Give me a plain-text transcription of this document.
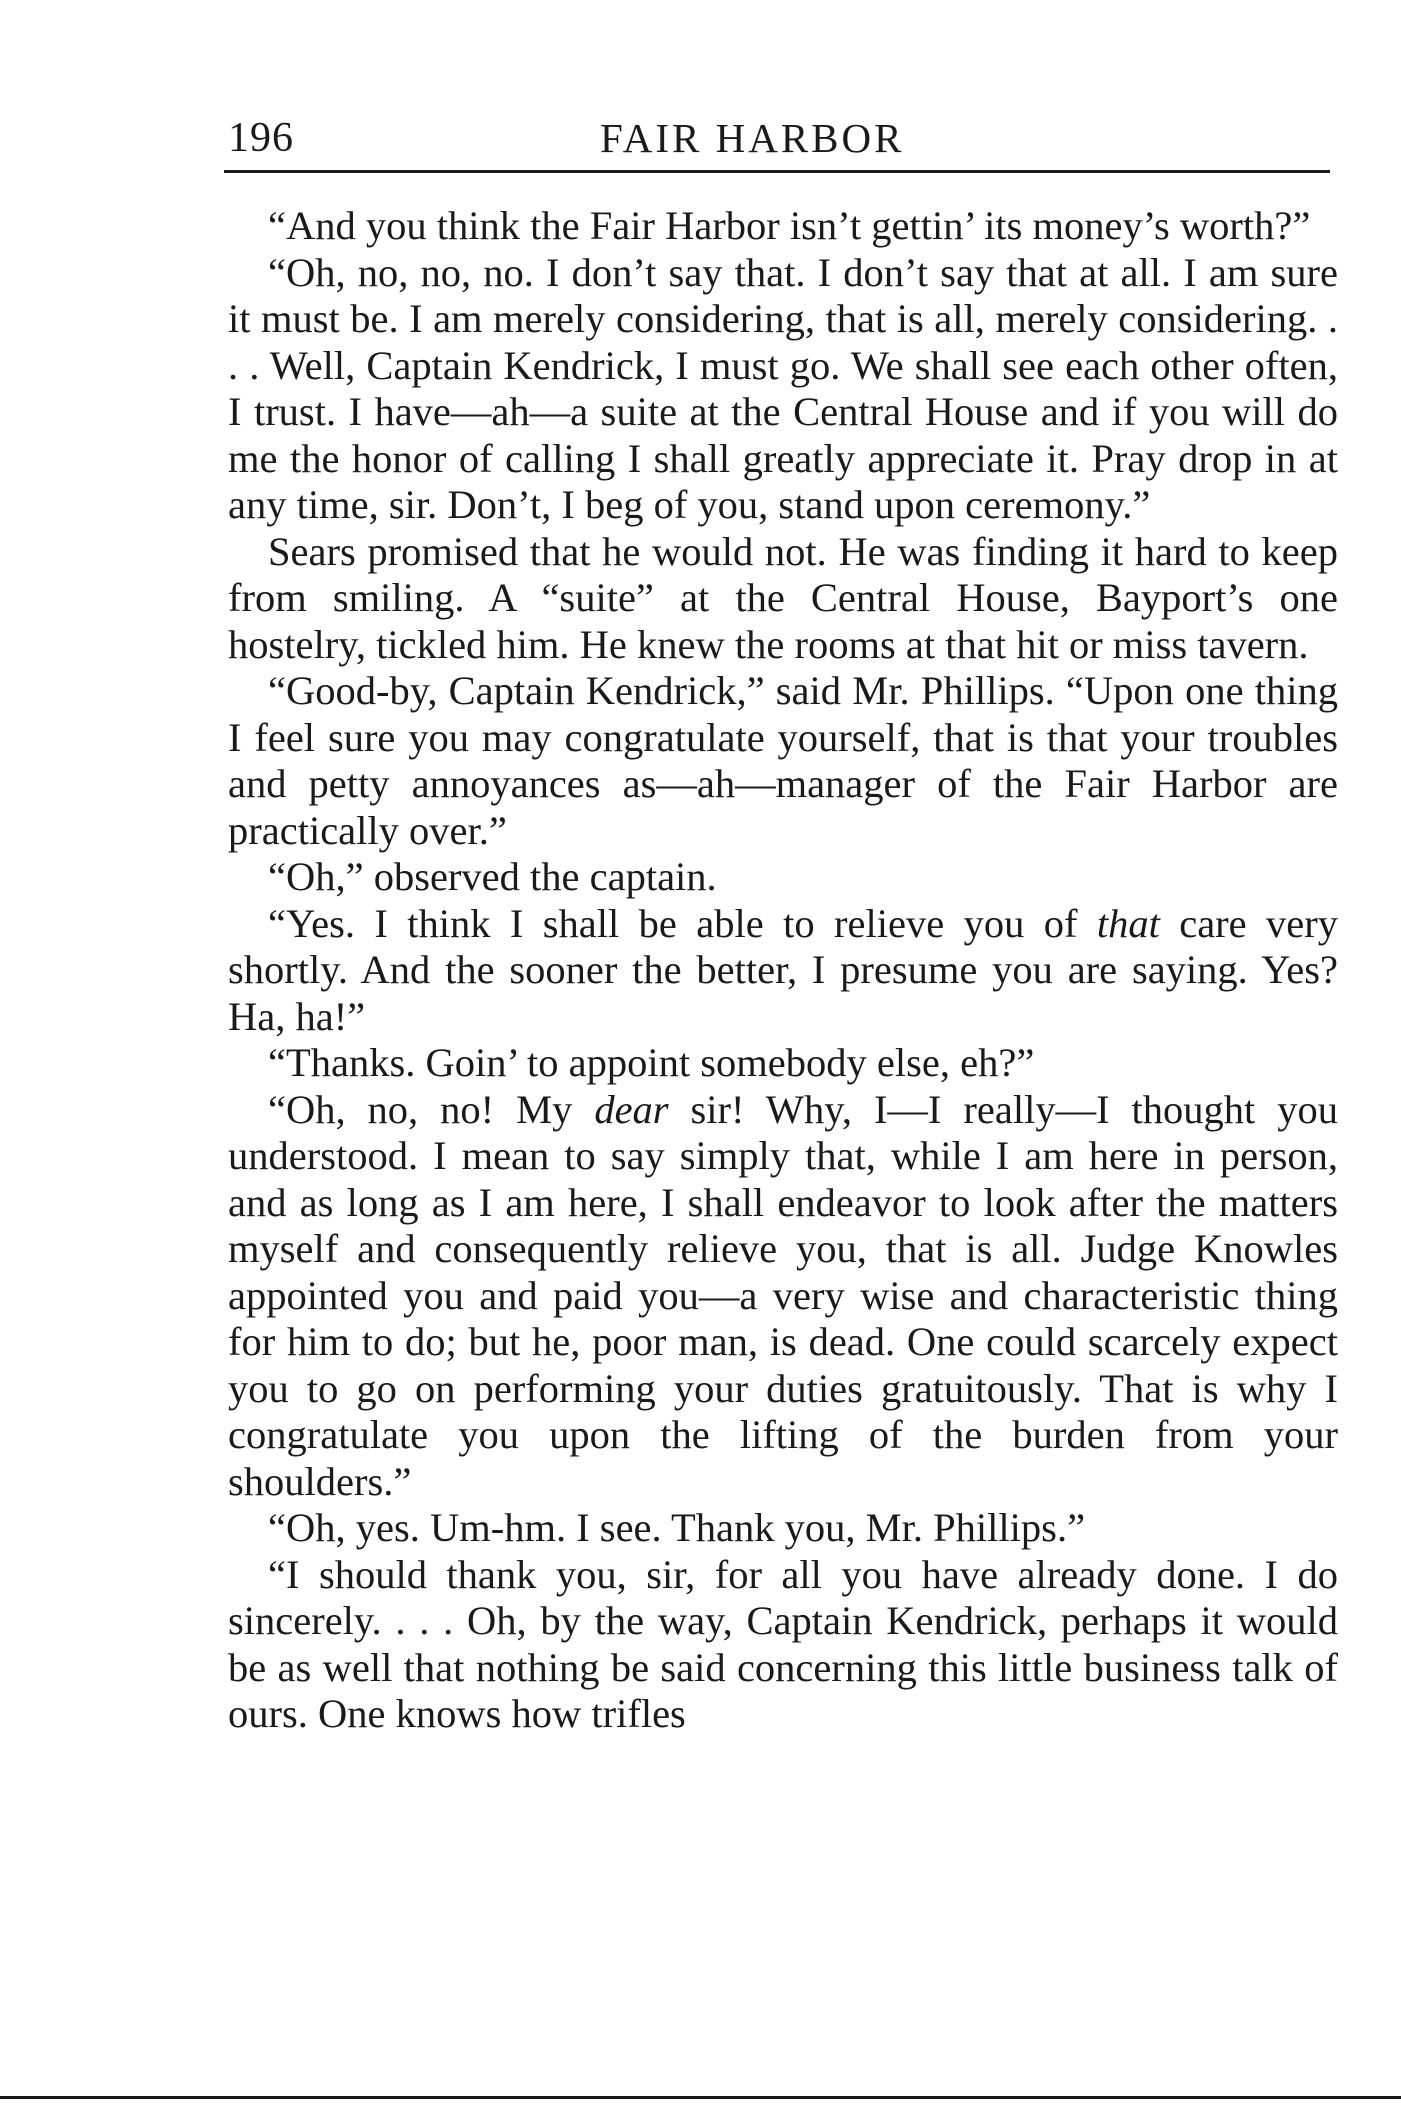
196	FAIR HARBOR

“And you think the Fair Harbor isn’t gettin’ its money’s worth?”

“Oh, no, no, no. I don’t say that. I don’t say that at all. I am sure it must be. I am merely considering, that is all, merely considering. . . . Well, Captain Kendrick, I must go. We shall see each other often, I trust. I have—ah—a suite at the Central House and if you will do me the honor of calling I shall greatly appreciate it. Pray drop in at any time, sir. Don’t, I beg of you, stand upon ceremony.”

Sears promised that he would not. He was finding it hard to keep from smiling. A “suite” at the Central House, Bayport’s one hostelry, tickled him. He knew the rooms at that hit or miss tavern.

“Good-by, Captain Kendrick,” said Mr. Phillips. “Upon one thing I feel sure you may congratulate yourself, that is that your troubles and petty annoyances as—ah—manager of the Fair Harbor are practically over.”

“Oh,” observed the captain.

“Yes. I think I shall be able to relieve you of that care very shortly. And the sooner the better, I presume you are saying. Yes? Ha, ha!”

“Thanks. Goin’ to appoint somebody else, eh?”

“Oh, no, no! My dear sir! Why, I—I really—I thought you understood. I mean to say simply that, while I am here in person, and as long as I am here, I shall endeavor to look after the matters myself and consequently relieve you, that is all. Judge Knowles appointed you and paid you—a very wise and characteristic thing for him to do; but he, poor man, is dead. One could scarcely expect you to go on performing your duties gratuitously. That is why I congratulate you upon the lifting of the burden from your shoulders.”

“Oh, yes. Um-hm. I see. Thank you, Mr. Phillips.”

“I should thank you, sir, for all you have already done. I do sincerely. . . . Oh, by the way, Captain Kendrick, perhaps it would be as well that nothing be said concerning this little business talk of ours. One knows how trifles
